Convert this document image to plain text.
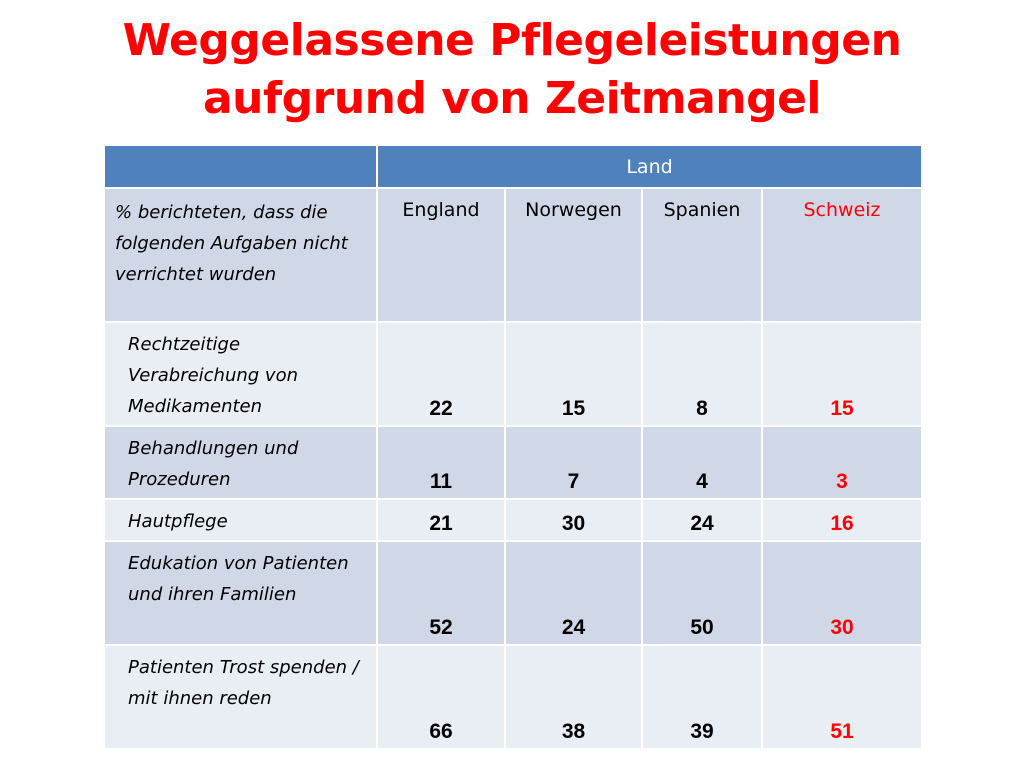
Weggelassene Pflegeleistungen
aufgrund von Zeitmangel
	Land			
% berichteten, dass die folgenden Aufgaben nicht verrichtet wurden	England	Norwegen	Spanien	Schweiz
Rechtzeitige Verabreichung von Medikamenten	22	15	8	15
Behandlungen und Prozeduren	11	7	4	3
Hautpflege	21	30	24	16
Edukation von Patienten und ihren Familien	52	24	50	30
Patienten Trost spenden / mit ihnen reden	66	38	39	51
